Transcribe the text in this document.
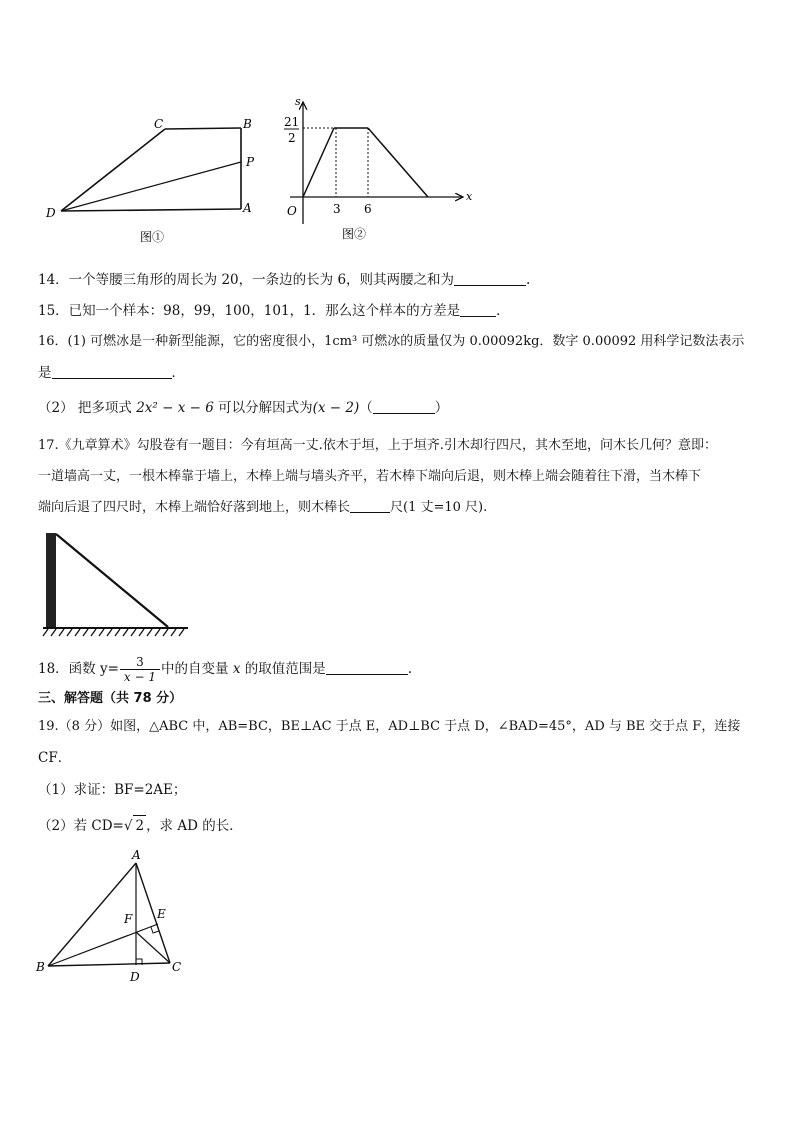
C	B
P
D	A
图①
s
x
O
21
2
3 6
图②
14．一个等腰三角形的周长为 20，一条边的长为 6，则其两腰之和为	.
15．已知一个样本：98，99，100，101，1．那么这个样本的方差是	．
16．(1) 可燃冰是一种新型能源，它的密度很小，1cm³ 可燃冰的质量仅为 0.00092kg．数字 0.00092 用科学记数法表示
是	．
（2） 把多项式 2x² − x − 6 可以分解因式为(x − 2)（	）
17.《九章算术》勾股卷有一题目：今有垣高一丈.依木于垣，上于垣齐.引木却行四尺，其木至地，问木长几何？意即：
一道墙高一丈，一根木棒靠于墙上，木棒上端与墙头齐平，若木棒下端向后退，则木棒上端会随着往下滑，当木棒下
端向后退了四尺时，木棒上端恰好落到地上，则木棒长	尺(1 丈=10 尺).
18．函数 $y= \frac{3}{x - 1}$ 中的自变量 x 的取值范围是	.
三、解答题（共 78 分）
19.（8 分）如图，△ABC 中，AB=BC，BE⊥AC 于点 E，AD⊥BC 于点 D，∠BAD=45°，AD 与 BE 交于点 F，连接
CF．
（1）求证：BF=2AE；
（2）若 CD=√ 2 ，求 AD 的长．
A
F E
B
D
C
